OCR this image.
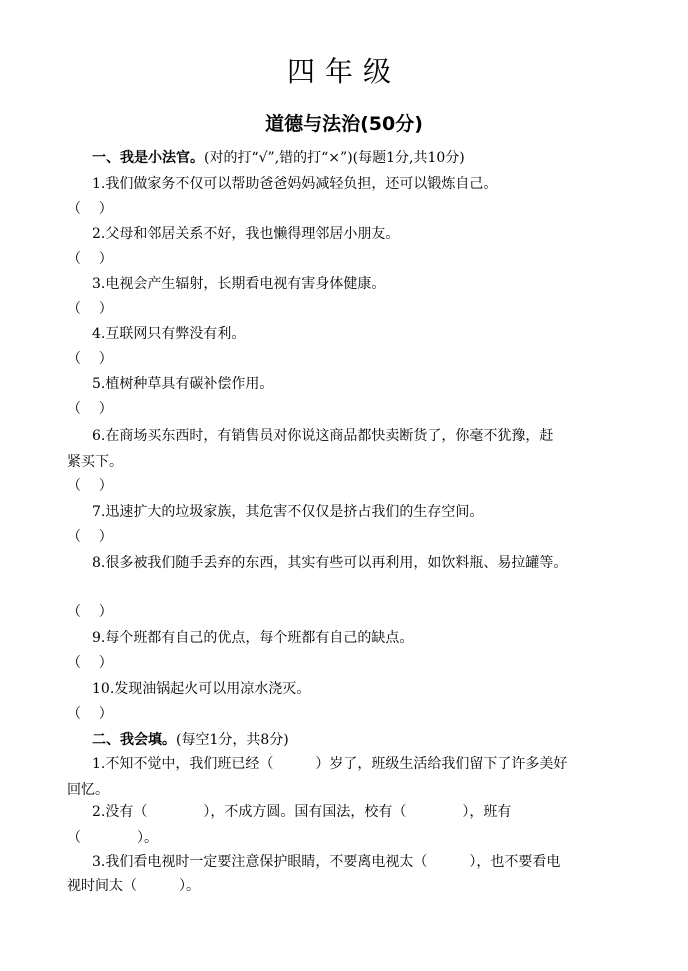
四年级
道德与法治(50分)
一、我是小法官。(对的打“√”,错的打“×”)(每题1分,共10分)
1.我们做家务不仅可以帮助爸爸妈妈减轻负担，还可以锻炼自己。
（    ）
2.父母和邻居关系不好，我也懒得理邻居小朋友。
（    ）
3.电视会产生辐射，长期看电视有害身体健康。
（    ）
4.互联网只有弊没有利。
（    ）
5.植树种草具有碳补偿作用。
（    ）
6.在商场买东西时，有销售员对你说这商品都快卖断货了，你毫不犹豫，赶
紧买下。
（    ）
7.迅速扩大的垃圾家族，其危害不仅仅是挤占我们的生存空间。
（    ）
8.很多被我们随手丢弃的东西，其实有些可以再利用，如饮料瓶、易拉罐等。
（    ）
9.每个班都有自己的优点，每个班都有自己的缺点。
（    ）
10.发现油锅起火可以用凉水浇灭。
（    ）
二、我会填。(每空1分，共8分)
1.不知不觉中，我们班已经（　　　）岁了，班级生活给我们留下了许多美好
回忆。
2.没有（　　　　），不成方圆。国有国法，校有（　　　　），班有
（　　　　）。
3.我们看电视时一定要注意保护眼睛，不要离电视太（　　　），也不要看电
视时间太（　　　）。
